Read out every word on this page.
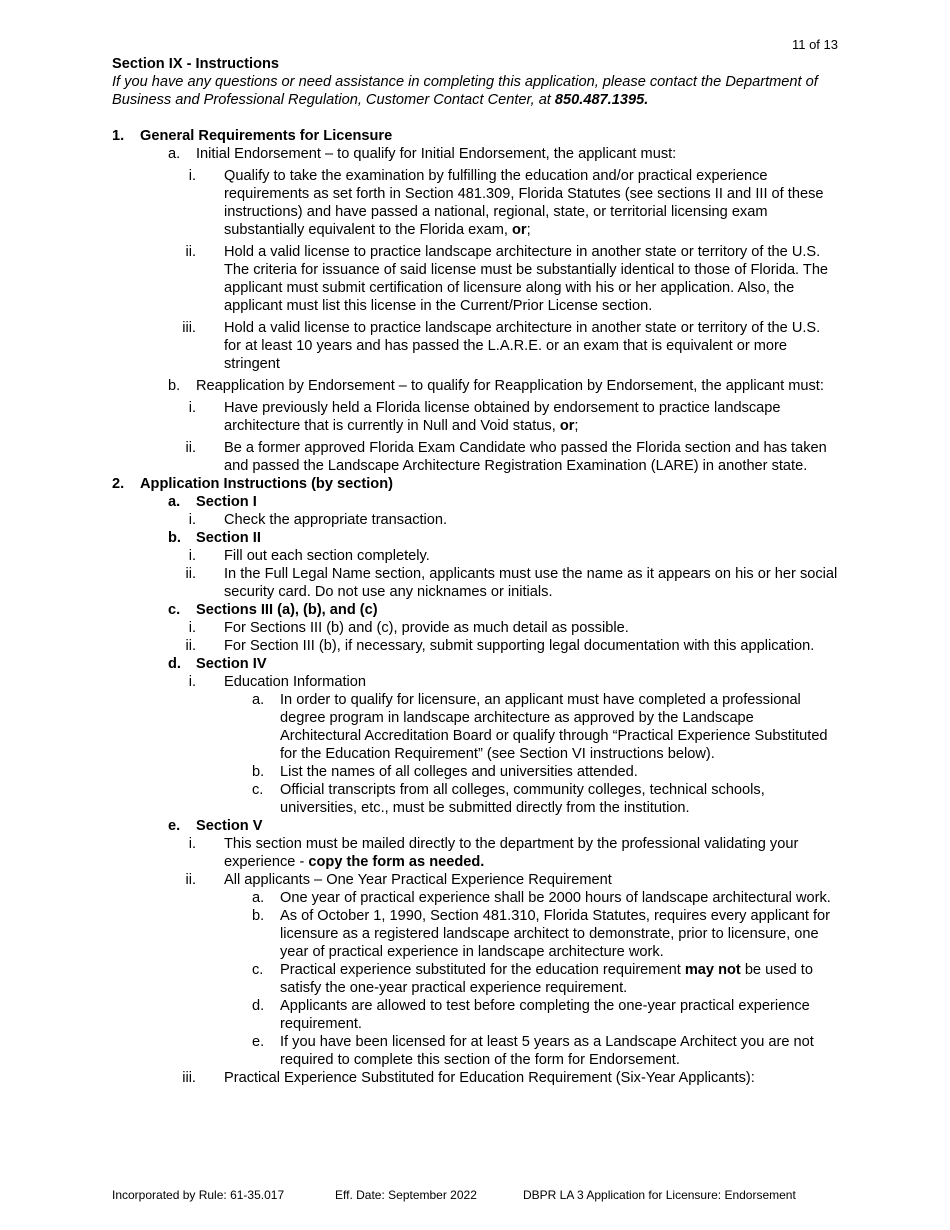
11 of 13
Section IX - Instructions
If you have any questions or need assistance in completing this application, please contact the Department of Business and Professional Regulation, Customer Contact Center, at 850.487.1395.
1.	General Requirements for Licensure
a.	Initial Endorsement – to qualify for Initial Endorsement, the applicant must:
i.	Qualify to take the examination by fulfilling the education and/or practical experience requirements as set forth in Section 481.309, Florida Statutes (see sections II and III of these instructions) and have passed a national, regional, state, or territorial licensing exam substantially equivalent to the Florida exam, or;
ii.	Hold a valid license to practice landscape architecture in another state or territory of the U.S. The criteria for issuance of said license must be substantially identical to those of Florida. The applicant must submit certification of licensure along with his or her application. Also, the applicant must list this license in the Current/Prior License section.
iii.	Hold a valid license to practice landscape architecture in another state or territory of the U.S. for at least 10 years and has passed the L.A.R.E. or an exam that is equivalent or more stringent
b.	Reapplication by Endorsement – to qualify for Reapplication by Endorsement, the applicant must:
i.	Have previously held a Florida license obtained by endorsement to practice landscape architecture that is currently in Null and Void status, or;
ii.	Be a former approved Florida Exam Candidate who passed the Florida section and has taken and passed the Landscape Architecture Registration Examination (LARE) in another state.
2.	Application Instructions (by section)
a.	Section I
i.	Check the appropriate transaction.
b.	Section II
i.	Fill out each section completely.
ii.	In the Full Legal Name section, applicants must use the name as it appears on his or her social security card. Do not use any nicknames or initials.
c.	Sections III (a), (b), and (c)
i.	For Sections III (b) and (c), provide as much detail as possible.
ii.	For Section III (b), if necessary, submit supporting legal documentation with this application.
d.	Section IV
i.	Education Information
a.	In order to qualify for licensure, an applicant must have completed a professional degree program in landscape architecture as approved by the Landscape Architectural Accreditation Board or qualify through “Practical Experience Substituted for the Education Requirement” (see Section VI instructions below).
b.	List the names of all colleges and universities attended.
c.	Official transcripts from all colleges, community colleges, technical schools, universities, etc., must be submitted directly from the institution.
e.	Section V
i.	This section must be mailed directly to the department by the professional validating your experience - copy the form as needed.
ii.	All applicants – One Year Practical Experience Requirement
a.	One year of practical experience shall be 2000 hours of landscape architectural work.
b.	As of October 1, 1990, Section 481.310, Florida Statutes, requires every applicant for licensure as a registered landscape architect to demonstrate, prior to licensure, one year of practical experience in landscape architecture work.
c.	Practical experience substituted for the education requirement may not be used to satisfy the one-year practical experience requirement.
d.	Applicants are allowed to test before completing the one-year practical experience requirement.
e.	If you have been licensed for at least 5 years as a Landscape Architect you are not required to complete this section of the form for Endorsement.
iii.	Practical Experience Substituted for Education Requirement (Six-Year Applicants):
Incorporated by Rule: 61-35.017	Eff. Date: September 2022	DBPR LA 3 Application for Licensure: Endorsement
